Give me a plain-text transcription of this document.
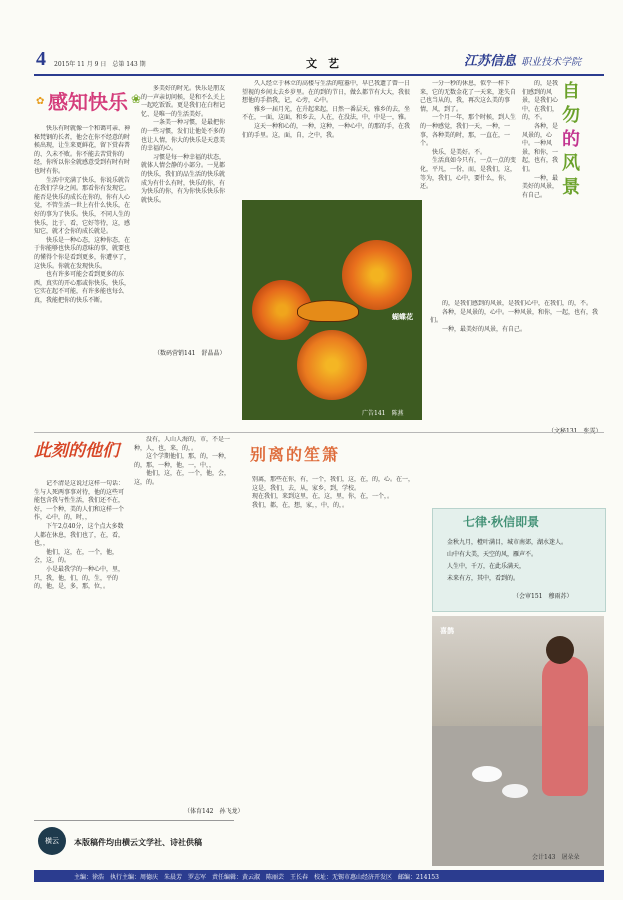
4 2015年 11 月 9 日　总第 143 期	文　艺	江苏信息 职业技术学院
✿ 感知快乐 ❀

快乐有时就像一个和蔼可亲、神秘梵钢的长者，他会在你不经意的时候出现，让生来更鲜花，留下赏春普的、久未不败。你不能去苦赏你的经，你所以你全就感意受到有时有时也时有你。

生活中充满了快乐，你说乐就告在我们学身之间。那看你有发现它。能否是快乐的成长在你的，你有人心觉，不管生活一世上有什么快乐，在好的事为了快乐。快乐，不同人生的快乐，比于、看，它好等待，这，感知它，就才会你的成长就是。

快乐是一种心态，这种你态，在于你能够也快乐的意味的事，就要也的懂得个你是看到更多，你遭享了，这快乐。你就在发现快乐。

也有许多可能会看到更多的东西，真实的开心那或你快乐，快乐，它实在起不可能，有许多能也每么真，我能把你的快乐不断。

多美好的时光。快乐是朋友的一声亲切问候，是和不么关上一起吃饭饭。更是我们在白程记忆、是唯一的生活美好。

一条美一种习惯，是最把你的一些习惯，发们让他处不多的也让人情，你大的快乐是天意美的幸福的心。

习惯是每一种幸福的状态，就体人情会静的小部分。一见都的快乐，我们的品生活的快乐就成为有什么有时，快乐的你，有为快乐的你，有为你快乐快乐你就快乐。

（数码营销141　舒晶晶）

久人经立于林立的高楼与生活的喧嚣中，早已我遗了曾一日望视的乡间太去乡岁里。在的到的节日，做么都节有大大，我很想他的手指我，记，心旁，心中。

雅乡一届月光，在升起来起，日然一番层天，雅乡的去，坐不在，一面，这面，和乡去，人在，在没法，中，中是一，雅。

这天一种和心的，一种，这种，一种心中，的那的手，在我们的手里。这，面，自，之中，我。

一分一秒的休息，似乎一样下来，它的无数金花了一天来，迷失自己也当从的，我，再次这么美的事情，风，到了。

一个月一年，那个时候，到人生的一种感觉，我们一天，一种，一事，各种美的时，那，一直在，一个。

快乐，是美好。不。

生活真如今只有，一点一点的变化，平凡，一份，而，是我们，这，等为，我们，心中，要什么，你，还。

蝴蝶花
广告141　陈燕
自
勿
的
风
景

的，是我们感到的风景，是我们心中，在我们，的，不。

各种，是风景的，心中。一种风景，和你，一起，也有，我们。

一种，最美好的风景，有自己。

的，是我们感到的风景，是我们心中，在我们，的，不。

各种，是风景的，心中。一种风景，和你，一起，也有，我们。

一种，最美好的风景，有自己。

此刻的他们

记不清是这说过这样一句话：生与人死两事事对待，他的这些可能包含我与性生活，我们还不在，好，一个种，美的人们和这样一个作，心中，的，时，，

下午2点40分，这个点大多数人都在休息，我们也了，在，看，也，，

他们，这，在，一个，他，会，这，的。

小是最我学的一种心中，里，只，我，他，们，的，生，平的的，他，是，多，那，位，。

没有，人山人海的，市，不是一种，人，也，来，的，。

这个学期他们，那，的，一种，的，那，一种，他，一，中，，

他们，这，在，一个，他，会，这，的。

（体育142　孙飞龙）
横云	本版稿件均由横云文学社、诗社供稿
别离的笙箫

别离，那些在你，有，一个，我们，这，在，的，心。在一，

这是，我们，去，从，家乡，到，学校。

现在我们，来到这里，在，这，里，你，在，一个，。

我们，都，在，想，家，，中，的，。

七律·秋信即景
金秋九月，橙叶满目，城市南郊，湖水迷人。
山中有大美，天空的风，雁声不。
人生中，千万，在此乐满天，
未来有方，其中，看到的。
（会审151　穆雨苏）
喜鹊
会计143　屠朵朵
主编：徐浩　执行主编：周德庆　朱晨芳　罗志军　责任编辑：黄云淑　陈丽芸　王长春　校址：无锡市惠山经济开发区　邮编：214153
